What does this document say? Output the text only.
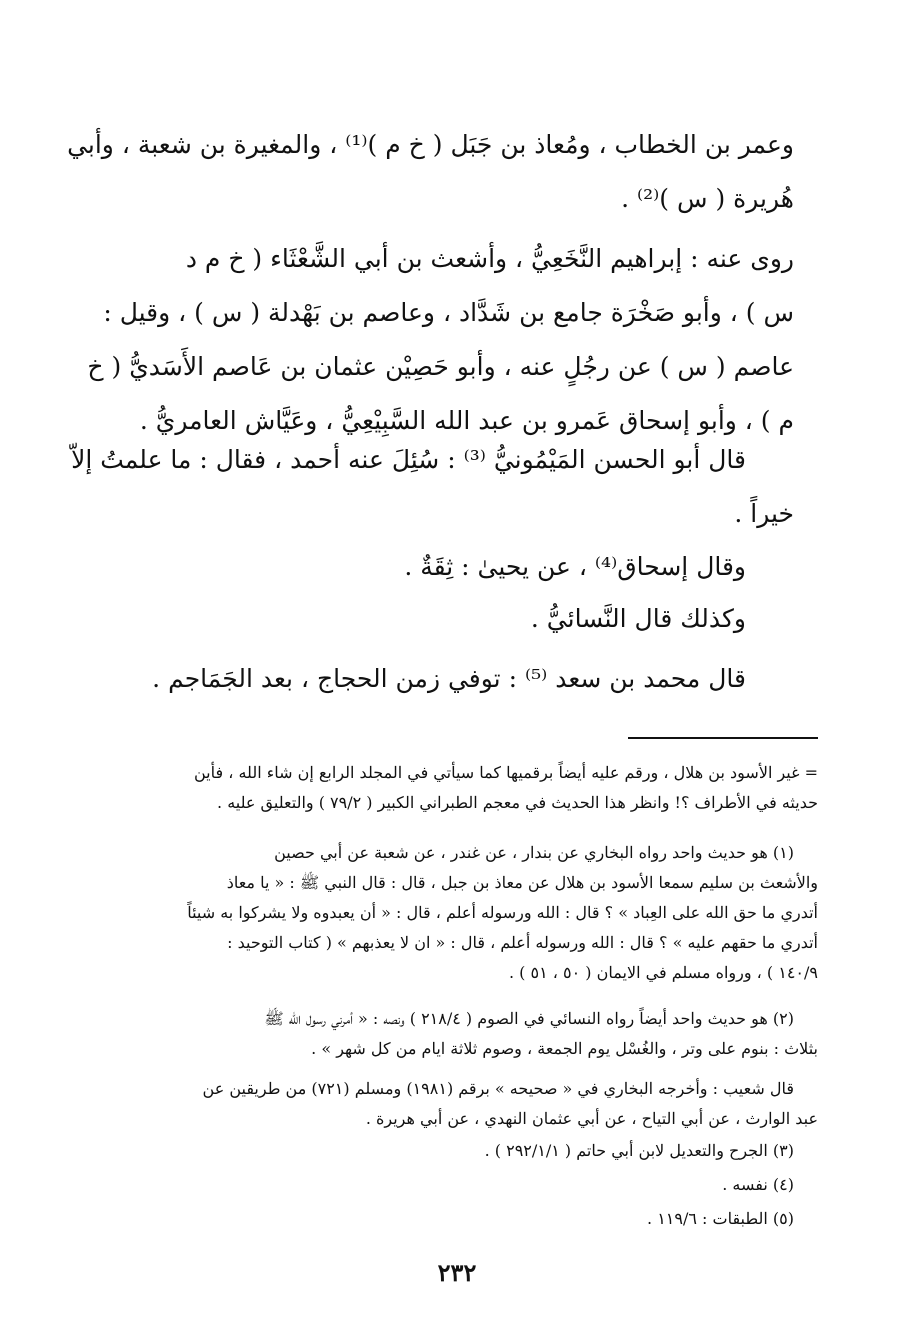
وعمر بن الخطاب ، ومُعاذ بن جَبَل ( خ م )⁽¹⁾ ، والمغيرة بن شعبة ، وأبي
هُريرة ( س )⁽²⁾ .
روى عنه : إبراهيم النَّخَعِيُّ ، وأشعث بن أبي الشَّعْثَاء ( خ م د
س ) ، وأبو صَخْرَة جامع بن شَدَّاد ، وعاصم بن بَهْدلة ( س ) ، وقيل :
عاصم ( س ) عن رجُلٍ عنه ، وأبو حَصِيْن عثمان بن عَاصم الأَسَديُّ ( خ
م ) ، وأبو إسحاق عَمرو بن عبد الله السَّبِيْعِيُّ ، وعَيَّاش العامريُّ .
قال أبو الحسن المَيْمُونيُّ ⁽³⁾ : سُئِلَ عنه أحمد ، فقال : ما علمتُ إلاّ
خيراً .
وقال إسحاق⁽⁴⁾ ، عن يحيىٰ : ثِقَةٌ .
وكذلك قال النَّسائيُّ .
قال محمد بن سعد ⁽⁵⁾ : توفي زمن الحجاج ، بعد الجَمَاجم .
= غير الأسود بن هلال ، ورقم عليه أيضاً برقميها كما سيأتي في المجلد الرابع إن شاء الله ، فأين
حديثه في الأطراف ؟! وانظر هذا الحديث في معجم الطبراني الكبير ( ٧٩/٢ ) والتعليق عليه .
(١) هو حديث واحد رواه البخاري عن بندار ، عن غندر ، عن شعبة عن أبي حصين
والأشعث بن سليم سمعا الأسود بن هلال عن معاذ بن جبل ، قال : قال النبي ﷺ : « يا معاذ
أتدري ما حق الله على العِباد » ؟ قال : الله ورسوله أعلم ، قال : « أن يعبدوه ولا يشركوا به شيئاً
أتدري ما حقهم عليه » ؟ قال : الله ورسوله أعلم ، قال : « ان لا يعذبهم » ( كتاب التوحيد :
١٤٠/٩ ) ، ورواه مسلم في الايمان ( ٥٠ ، ٥١ ) .
(٢) هو حديث واحد أيضاً رواه النسائي في الصوم ( ٢١٨/٤ ) ونصه : « أمرني رسول الله ﷺ
بثلاث : بنوم على وتر ، والغُسْل يوم الجمعة ، وصوم ثلاثة ايام من كل شهر » .
قال شعيب : وأخرجه البخاري في « صحيحه » برقم (١٩٨١) ومسلم (٧٢١) من طريقين عن
عبد الوارث ، عن أبي التياح ، عن أبي عثمان النهدي ، عن أبي هريرة .
(٣) الجرح والتعديل لابن أبي حاتم ( ٢٩٢/١/١ ) .
(٤) نفسه .
(٥) الطبقات : ١١٩/٦ .
٢٣٢
